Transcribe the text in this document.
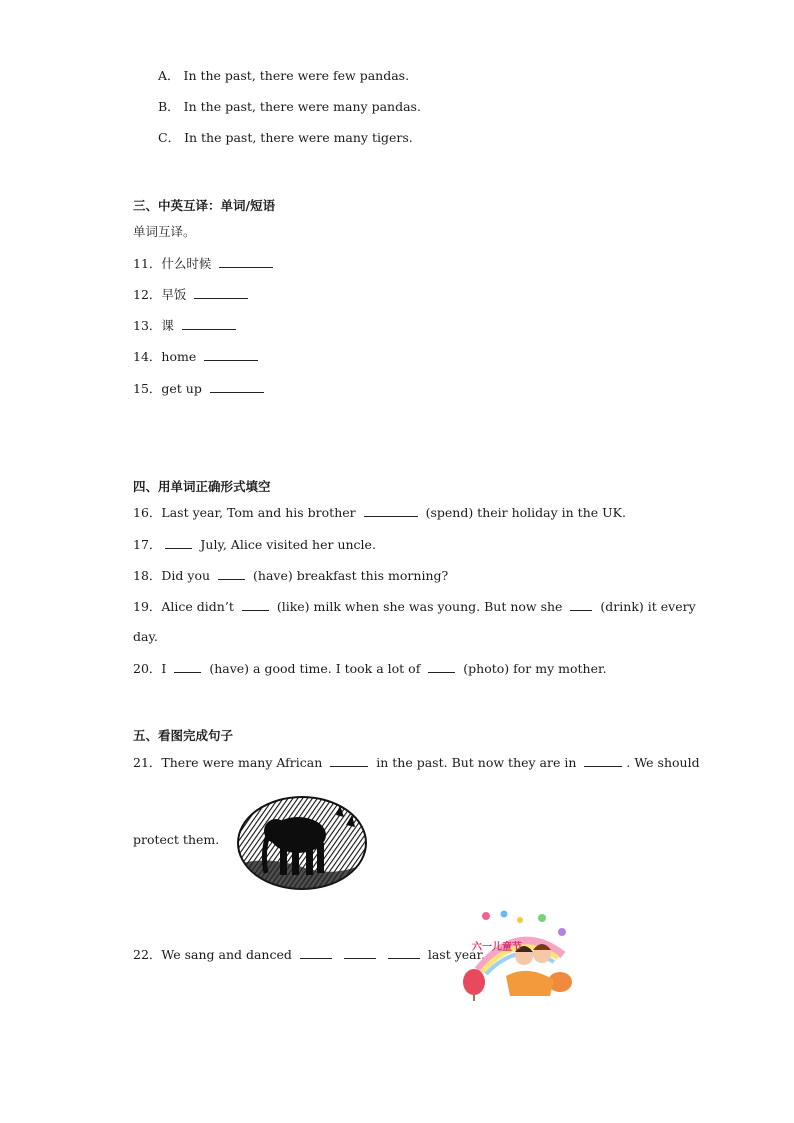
A． In the past, there were few pandas.
B． In the past, there were many pandas.
C． In the past, there were many tigers.
三、中英互译：单词/短语
单词互译。
11．什么时候
12．早饭
13．课
14．home
15．get up
四、用单词正确形式填空
16．Last year, Tom and his brother	(spend) their holiday in the UK.
17．	July, Alice visited her uncle.
18．Did you	(have) breakfast this morning?
19．Alice didn’t	(like) milk when she was young. But now she	(drink) it every
day.
20．I	(have) a good time. I took a lot of	(photo) for my mother.
五、看图完成句子
21．There were many African	in the past. But now they are in	. We should
protect them.
22．We sang and danced	last year.
六一儿童节
